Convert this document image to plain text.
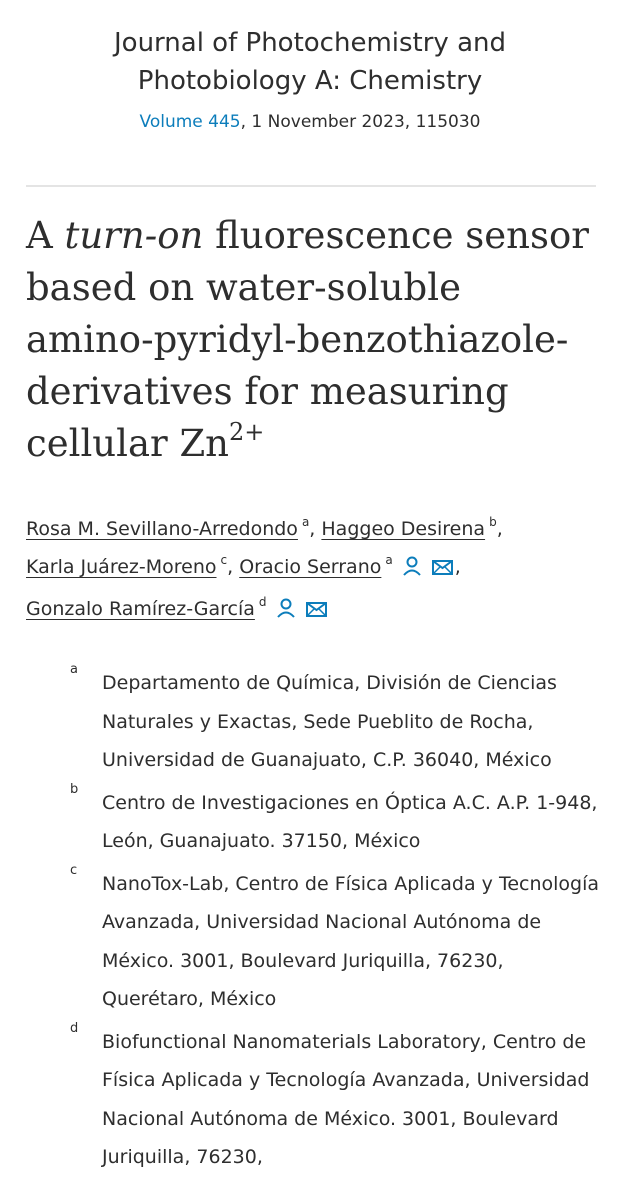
Journal of Photochemistry and
Photobiology A: Chemistry
Volume 445, 1 November 2023, 115030
A turn-on fluorescence sensor based on water-soluble amino-pyridyl-benzothiazole-derivatives for measuring cellular $Zn^{2+}$
Rosa M. Sevillano-Arredondo $^a$, Haggeo Desirena $^b$,
Karla Juárez-Moreno $^c$, Oracio Serrano $^a$	,
Gonzalo Ramírez-García $^d$
a
Departamento de Química, División de Ciencias Naturales y Exactas, Sede Pueblito de Rocha, Universidad de Guanajuato, C.P. 36040, México
b
Centro de Investigaciones en Óptica A.C. A.P. 1-948, León, Guanajuato. 37150, México
c
NanoTox-Lab, Centro de Física Aplicada y Tecnología Avanzada, Universidad Nacional Autónoma de México. 3001, Boulevard Juriquilla, 76230, Querétaro, México
d
Biofunctional Nanomaterials Laboratory, Centro de Física Aplicada y Tecnología Avanzada, Universidad Nacional Autónoma de México. 3001, Boulevard Juriquilla, 76230,
